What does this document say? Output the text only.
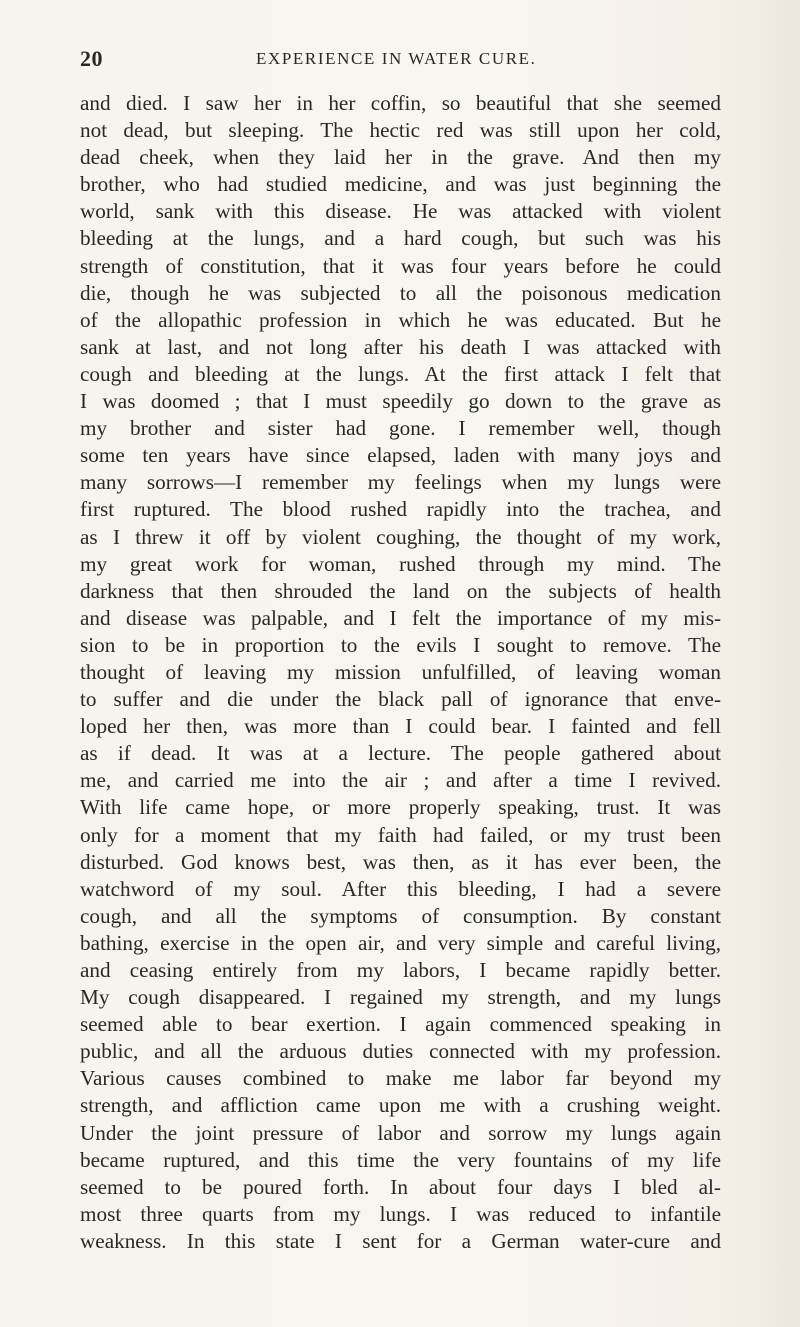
20	EXPERIENCE IN WATER CURE.
and died. I saw her in her coffin, so beautiful that she seemed
not dead, but sleeping. The hectic red was still upon her cold,
dead cheek, when they laid her in the grave. And then my
brother, who had studied medicine, and was just beginning the
world, sank with this disease. He was attacked with violent
bleeding at the lungs, and a hard cough, but such was his
strength of constitution, that it was four years before he could
die, though he was subjected to all the poisonous medication
of the allopathic profession in which he was educated. But he
sank at last, and not long after his death I was attacked with
cough and bleeding at the lungs. At the first attack I felt that
I was doomed ; that I must speedily go down to the grave as
my brother and sister had gone. I remember well, though
some ten years have since elapsed, laden with many joys and
many sorrows—I remember my feelings when my lungs were
first ruptured. The blood rushed rapidly into the trachea, and
as I threw it off by violent coughing, the thought of my work,
my great work for woman, rushed through my mind. The
darkness that then shrouded the land on the subjects of health
and disease was palpable, and I felt the importance of my mis-
sion to be in proportion to the evils I sought to remove. The
thought of leaving my mission unfulfilled, of leaving woman
to suffer and die under the black pall of ignorance that enve-
loped her then, was more than I could bear. I fainted and fell
as if dead. It was at a lecture. The people gathered about
me, and carried me into the air ; and after a time I revived.
With life came hope, or more properly speaking, trust. It was
only for a moment that my faith had failed, or my trust been
disturbed. God knows best, was then, as it has ever been, the
watchword of my soul. After this bleeding, I had a severe
cough, and all the symptoms of consumption. By constant
bathing, exercise in the open air, and very simple and careful living,
and ceasing entirely from my labors, I became rapidly better.
My cough disappeared. I regained my strength, and my lungs
seemed able to bear exertion. I again commenced speaking in
public, and all the arduous duties connected with my profession.
Various causes combined to make me labor far beyond my
strength, and affliction came upon me with a crushing weight.
Under the joint pressure of labor and sorrow my lungs again
became ruptured, and this time the very fountains of my life
seemed to be poured forth. In about four days I bled al-
most three quarts from my lungs. I was reduced to infantile
weakness. In this state I sent for a German water-cure and
